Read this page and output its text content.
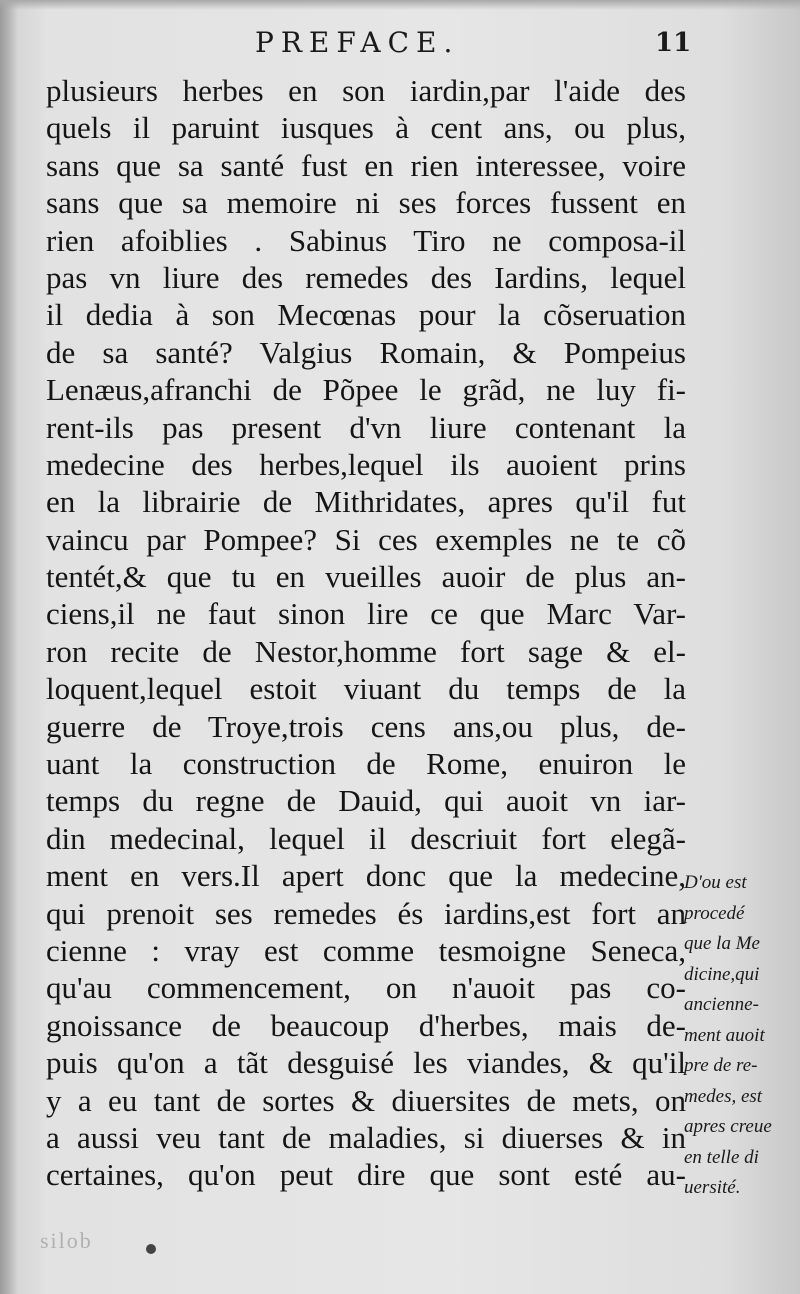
PREFACE.	11
plusieurs herbes en son iardin,par l'aide des
quels il paruint iusques à cent ans, ou plus,
sans que sa santé fust en rien interessee, voire
sans que sa memoire ni ses forces fussent en
rien afoiblies . Sabinus Tiro ne composa-il
pas vn liure des remedes des Iardins, lequel
il dedia à son Mecœnas pour la cõseruation
de sa santé? Valgius Romain, & Pompeius
Lenæus,afranchi de Põpee le grãd, ne luy fi-
rent-ils pas present d'vn liure contenant la
medecine des herbes,lequel ils auoient prins
en la librairie de Mithridates, apres qu'il fut
vaincu par Pompee? Si ces exemples ne te cõ
tentét,& que tu en vueilles auoir de plus an-
ciens,il ne faut sinon lire ce que Marc Var-
ron recite de Nestor,homme fort sage & el-
loquent,lequel estoit viuant du temps de la
guerre de Troye,trois cens ans,ou plus, de-
uant la construction de Rome, enuiron le
temps du regne de Dauid, qui auoit vn iar-
din medecinal, lequel il descriuit fort elegã-
ment en vers.Il apert donc que la medecine,
qui prenoit ses remedes és iardins,est fort an
cienne : vray est comme tesmoigne Seneca,
qu'au commencement, on n'auoit pas co-
gnoissance de beaucoup d'herbes, mais de-
puis qu'on a tãt desguisé les viandes, & qu'il
y a eu tant de sortes & diuersites de mets, on
a aussi veu tant de maladies, si diuerses & in
certaines, qu'on peut dire que sont esté au-
D'ou est
procedé
que la Me
dicine,qui
ancienne-
ment auoit
pre de re-
medes, est
apres creue
en telle di
uersité.
silob
